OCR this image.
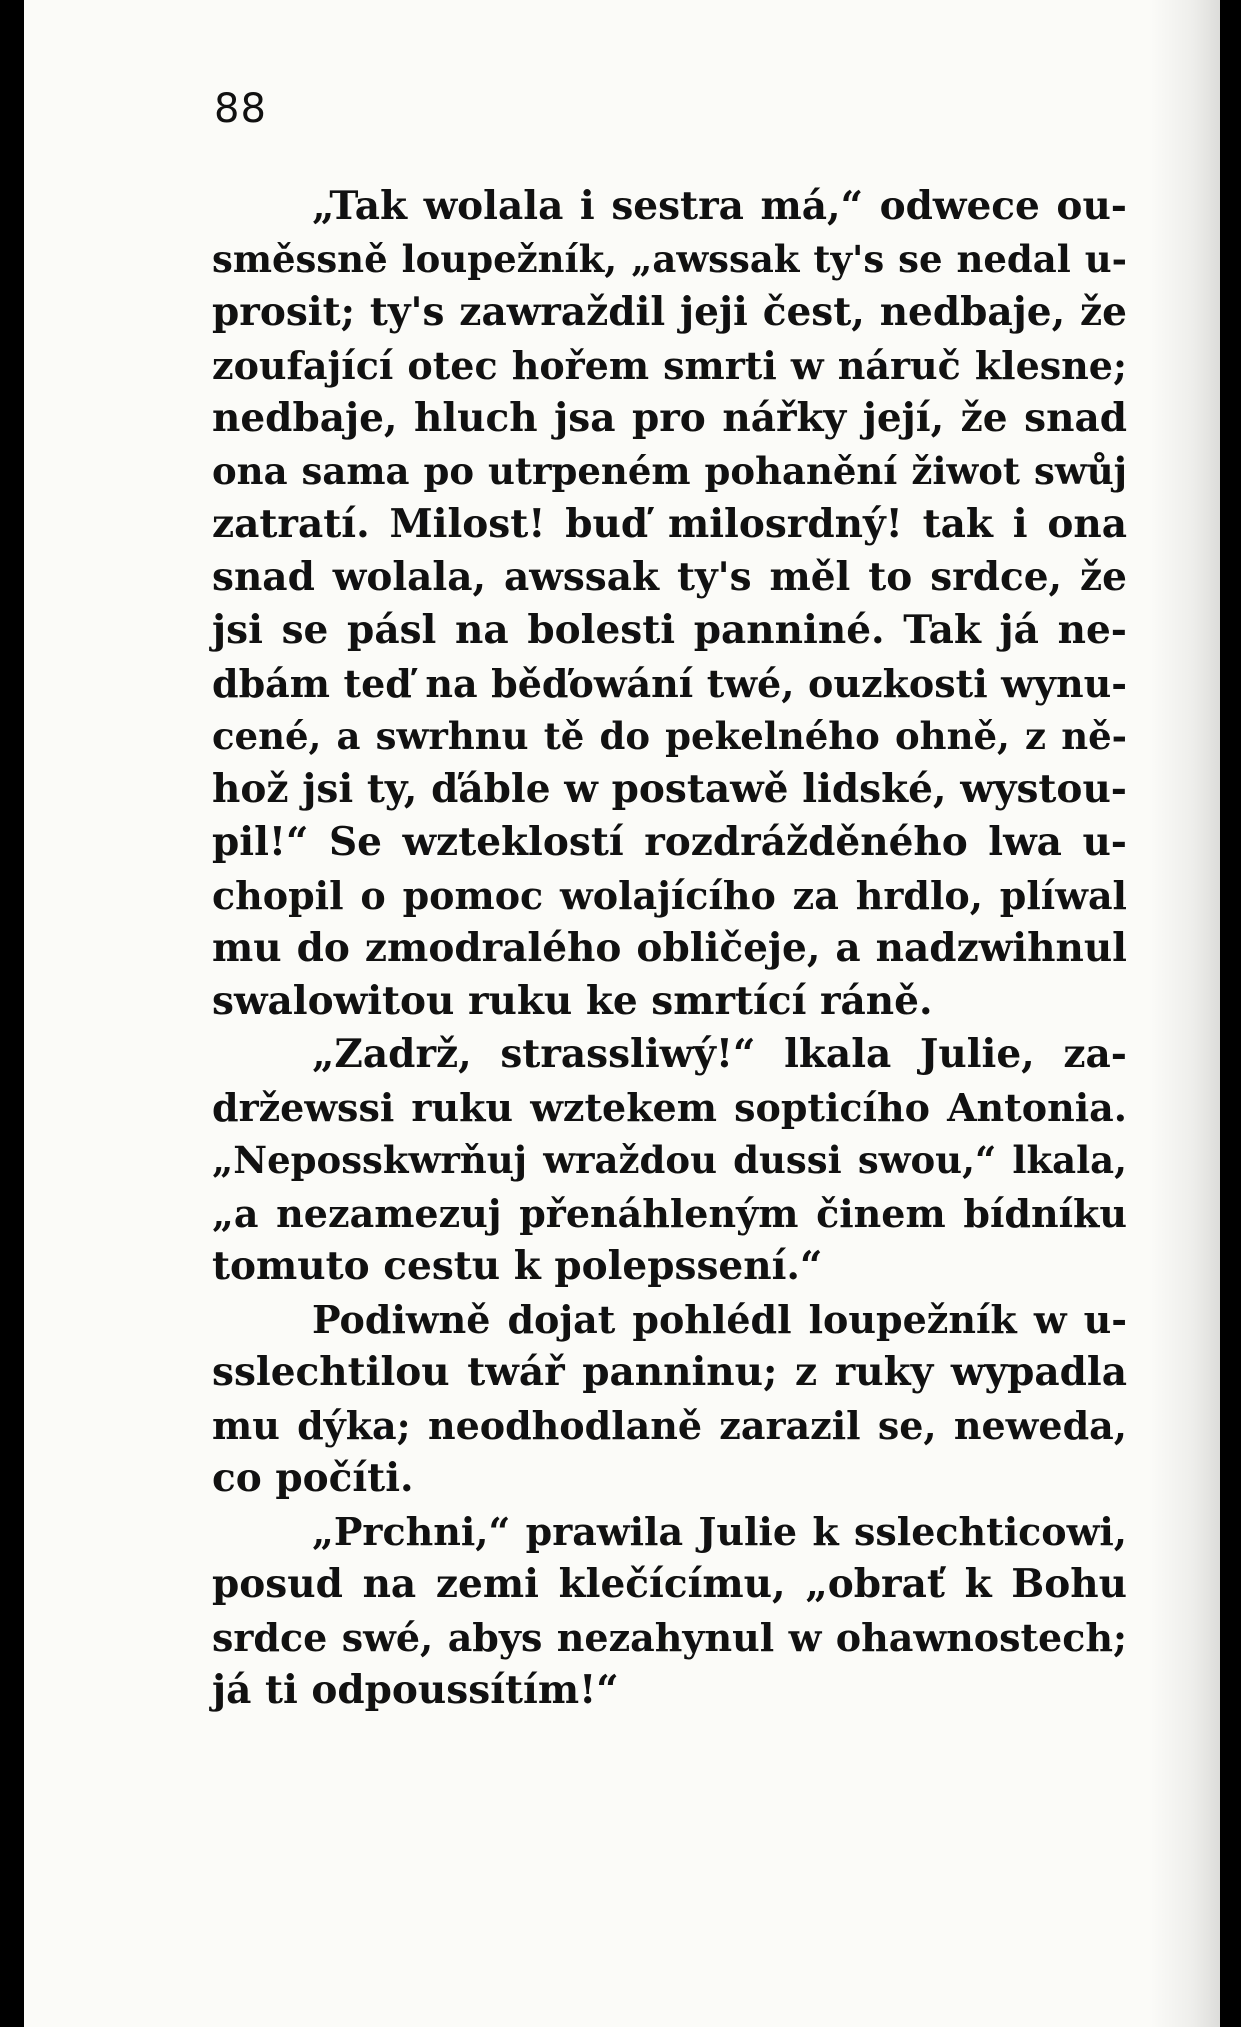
88
„Tak wolala i sestra má,“ odwece ou-
směssně loupežník, „awssak ty's se nedal u-
prosit; ty's zawraždil jeji čest, nedbaje, že
zoufající otec hořem smrti w náruč klesne;
nedbaje, hluch jsa pro nářky její, že snad
ona sama po utrpeném pohanění žiwot swůj
zatratí. Milost! buď milosrdný! tak i ona
snad wolala, awssak ty's měl to srdce, že
jsi se pásl na bolesti panniné. Tak já ne-
dbám teď na běďowání twé, ouzkosti wynu-
cené, a swrhnu tě do pekelného ohně, z ně-
hož jsi ty, ďáble w postawě lidské, wystou-
pil!“ Se wzteklostí rozdrážděného lwa u-
chopil o pomoc wolajícího za hrdlo, plíwal
mu do zmodralého obličeje, a nadzwihnul
swalowitou ruku ke smrtící ráně.
„Zadrž, strassliwý!“ lkala Julie, za-
držewssi ruku wztekem sopticího Antonia.
„Neposskwrňuj wraždou dussi swou,“ lkala,
„a nezamezuj přenáhleným činem bídníku
tomuto cestu k polepssení.“
Podiwně dojat pohlédl loupežník w u-
sslechtilou twář panninu; z ruky wypadla
mu dýka; neodhodlaně zarazil se, neweda,
co počíti.
„Prchni,“ prawila Julie k sslechticowi,
posud na zemi klečícímu, „obrať k Bohu
srdce swé, abys nezahynul w ohawnostech;
já ti odpoussítím!“
